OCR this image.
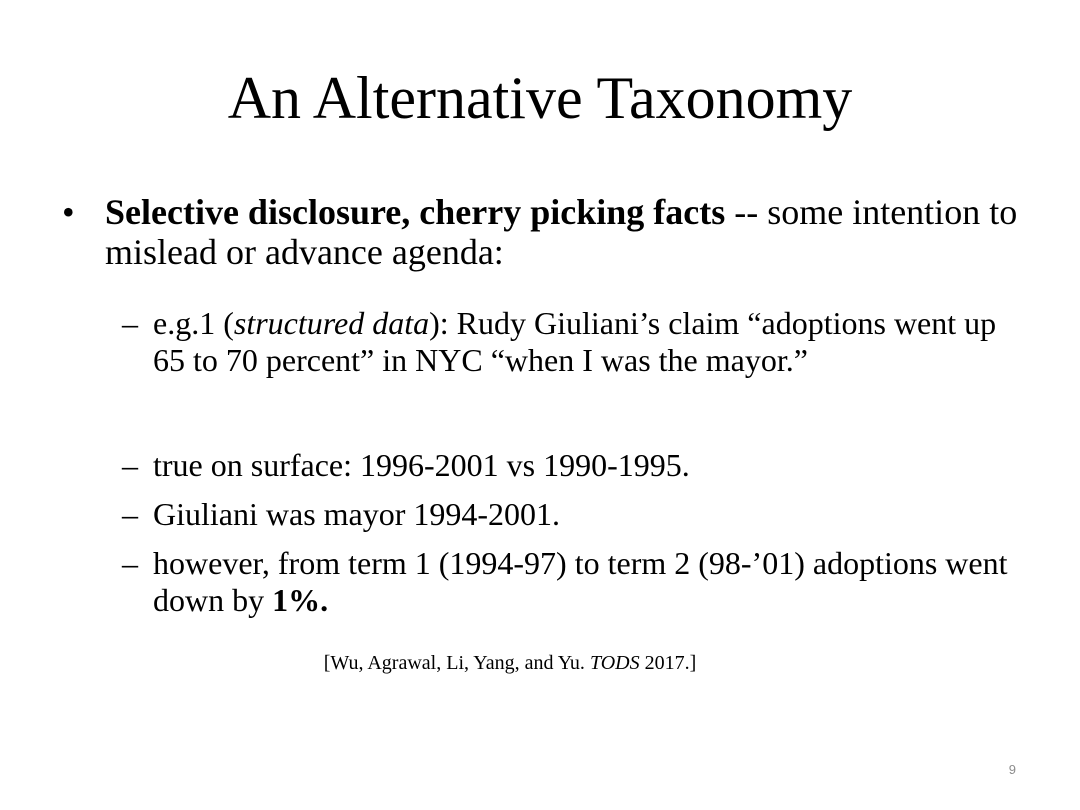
An Alternative Taxonomy
• Selective disclosure, cherry picking facts -- some intention to mislead or advance agenda:
– e.g.1 (structured data): Rudy Giuliani’s claim “adoptions went up 65 to 70 percent” in NYC “when I was the mayor.”
– true on surface: 1996-2001 vs 1990-1995.
– Giuliani was mayor 1994-2001.
– however, from term 1 (1994-97) to term 2 (98-’01) adoptions went down by 1%.
[Wu, Agrawal, Li, Yang, and Yu. TODS 2017.]
9
